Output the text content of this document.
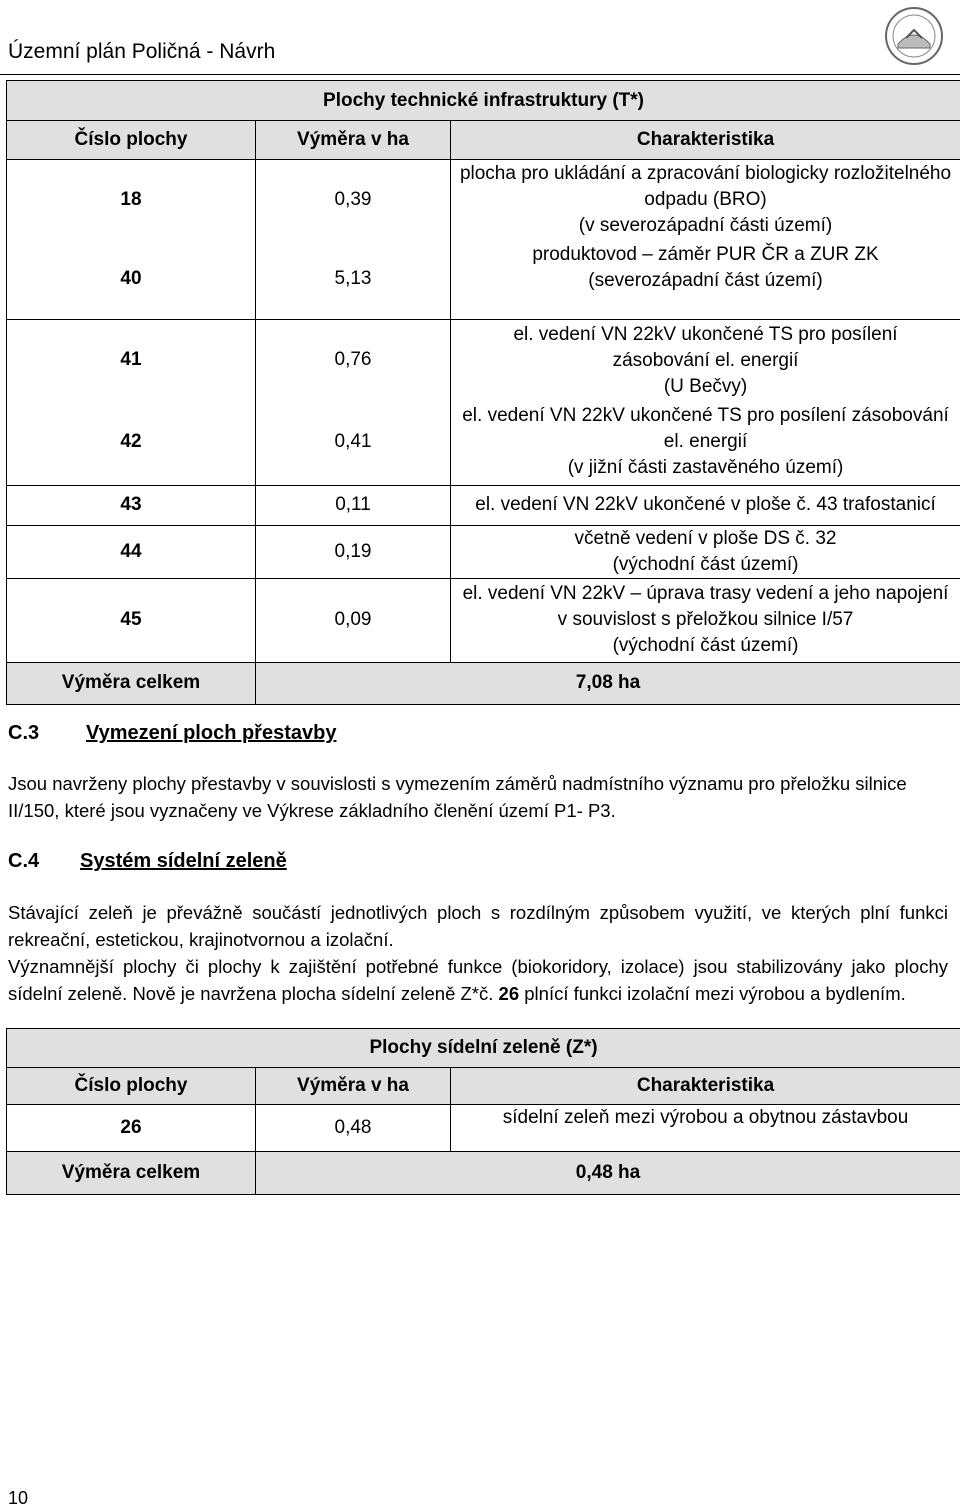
Územní plán Poličná - Návrh
Plochy technické infrastruktury (T*)		
Číslo plochy	Výměra v ha	Charakteristika
18	0,39	plocha pro ukládání a zpracování biologicky rozložitelného
odpadu (BRO)
(v severozápadní části území)

40	5,13	produktovod – záměr PUR ČR a ZUR ZK
(severozápadní část území)

41	0,76	el. vedení VN 22kV ukončené TS pro posílení
zásobování el. energií
(U Bečvy)

42	0,41	el. vedení VN 22kV ukončené TS pro posílení zásobování
el. energií
(v jižní části zastavěného území)

43	0,11	el. vedení VN 22kV ukončené v ploše č. 43 trafostanicí

44	0,19	včetně vedení v ploše DS č. 32
(východní část území)

45	0,09	el. vedení VN 22kV – úprava trasy vedení a jeho napojení
v souvislost s přeložkou silnice I/57
(východní část území)

Výměra celkem	7,08 ha	
C.3 Vymezení ploch přestavby
Jsou navrženy plochy přestavby v souvislosti s vymezením záměrů nadmístního významu pro přeložku silnice II/150, které jsou vyznačeny ve Výkrese základního členění území P1- P3.
C.4 Systém sídelní zeleně
Stávající zeleň je převážně součástí jednotlivých ploch s rozdílným způsobem využití, ve kterých plní funkci rekreační, estetickou, krajinotvornou a izolační.
Významnější plochy či plochy k zajištění potřebné funkce (biokoridory, izolace) jsou stabilizovány jako plochy sídelní zeleně. Nově je navržena plocha sídelní zeleně Z*č. 26 plnící funkci izolační mezi výrobou a bydlením.
Plochy sídelní zeleně (Z*)		
Číslo plochy	Výměra v ha	Charakteristika
26	0,48	sídelní zeleň mezi výrobou a obytnou zástavbou
Výměra celkem	0,48 ha	
10
